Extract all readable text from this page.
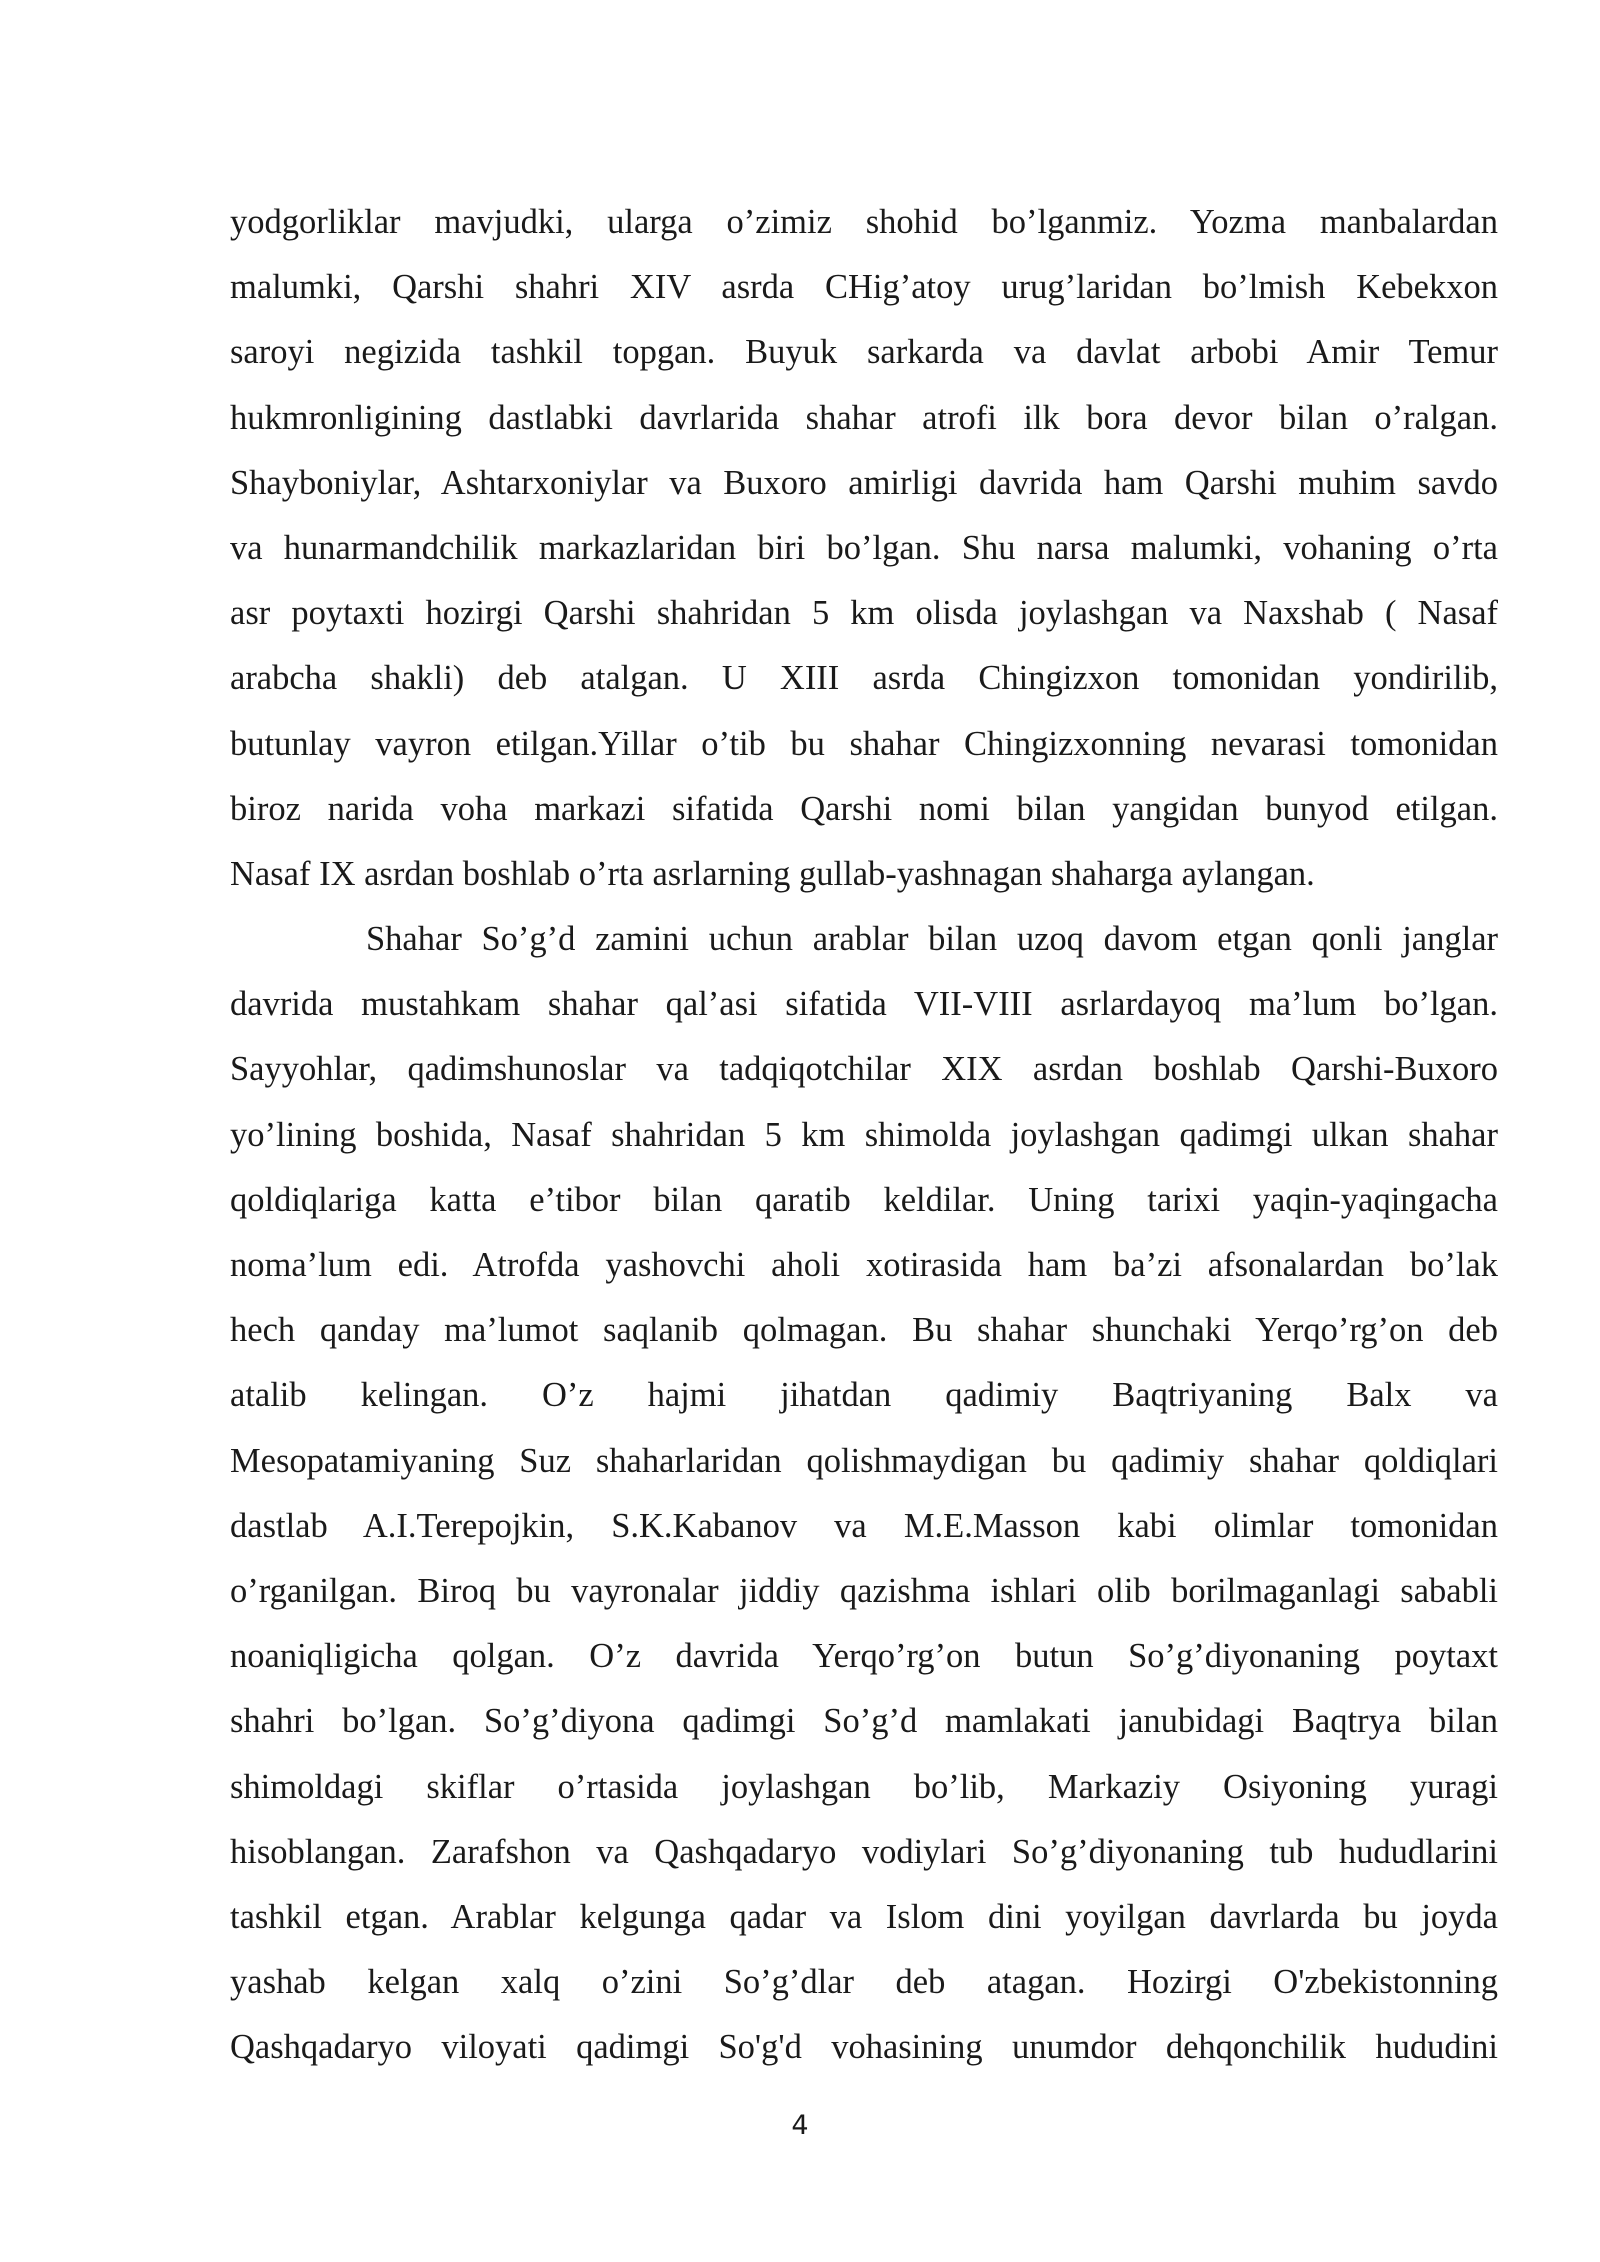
yodgorliklar mavjudki, ularga o’zimiz shohid bo’lganmiz. Yozma manbalardan
malumki, Qarshi shahri XIV asrda CHig’atoy urug’laridan bo’lmish Kebekxon
saroyi negizida tashkil topgan. Buyuk sarkarda va davlat arbobi Amir Temur
hukmronligining dastlabki davrlarida shahar atrofi ilk bora devor bilan o’ralgan.
Shayboniylar, Ashtarxoniylar va Buxoro amirligi davrida ham Qarshi muhim savdo
va hunarmandchilik markazlaridan biri bo’lgan. Shu narsa malumki, vohaning o’rta
asr poytaxti hozirgi Qarshi shahridan 5 km olisda joylashgan va Naxshab ( Nasaf
arabcha shakli) deb atalgan. U XIII asrda Chingizxon tomonidan yondirilib,
butunlay vayron etilgan.Yillar o’tib bu shahar Chingizxonning nevarasi tomonidan
biroz narida voha markazi sifatida Qarshi nomi bilan yangidan bunyod etilgan.
Nasaf IX asrdan boshlab o’rta asrlarning gullab-yashnagan shaharga aylangan.
Shahar So’g’d zamini uchun arablar bilan uzoq davom etgan qonli janglar
davrida mustahkam shahar qal’asi sifatida VII-VIII asrlardayoq ma’lum bo’lgan.
Sayyohlar, qadimshunoslar va tadqiqotchilar XIX asrdan boshlab Qarshi-Buxoro
yo’lining boshida, Nasaf shahridan 5 km shimolda joylashgan qadimgi ulkan shahar
qoldiqlariga katta e’tibor bilan qaratib keldilar. Uning tarixi yaqin-yaqingacha
noma’lum edi. Atrofda yashovchi aholi xotirasida ham ba’zi afsonalardan bo’lak
hech qanday ma’lumot saqlanib qolmagan. Bu shahar shunchaki Yerqo’rg’on deb
atalib kelingan. O’z hajmi jihatdan qadimiy Baqtriyaning Balx va
Mesopatamiyaning Suz shaharlaridan qolishmaydigan bu qadimiy shahar qoldiqlari
dastlab A.I.Terepojkin, S.K.Kabanov va M.E.Masson kabi olimlar tomonidan
o’rganilgan. Biroq bu vayronalar jiddiy qazishma ishlari olib borilmaganlagi sababli
noaniqligicha qolgan. O’z davrida Yerqo’rg’on butun So’g’diyonaning poytaxt
shahri bo’lgan. So’g’diyona qadimgi So’g’d mamlakati janubidagi Baqtrya bilan
shimoldagi skiflar o’rtasida joylashgan bo’lib, Markaziy Osiyoning yuragi
hisoblangan. Zarafshon va Qashqadaryo vodiylari So’g’diyonaning tub hududlarini
tashkil etgan. Arablar kelgunga qadar va Islom dini yoyilgan davrlarda bu joyda
yashab kelgan xalq o’zini So’g’dlar deb atagan. Hozirgi O'zbekistonning
Qashqadaryo viloyati qadimgi So'g'd vohasining unumdor dehqonchilik hududini
4
